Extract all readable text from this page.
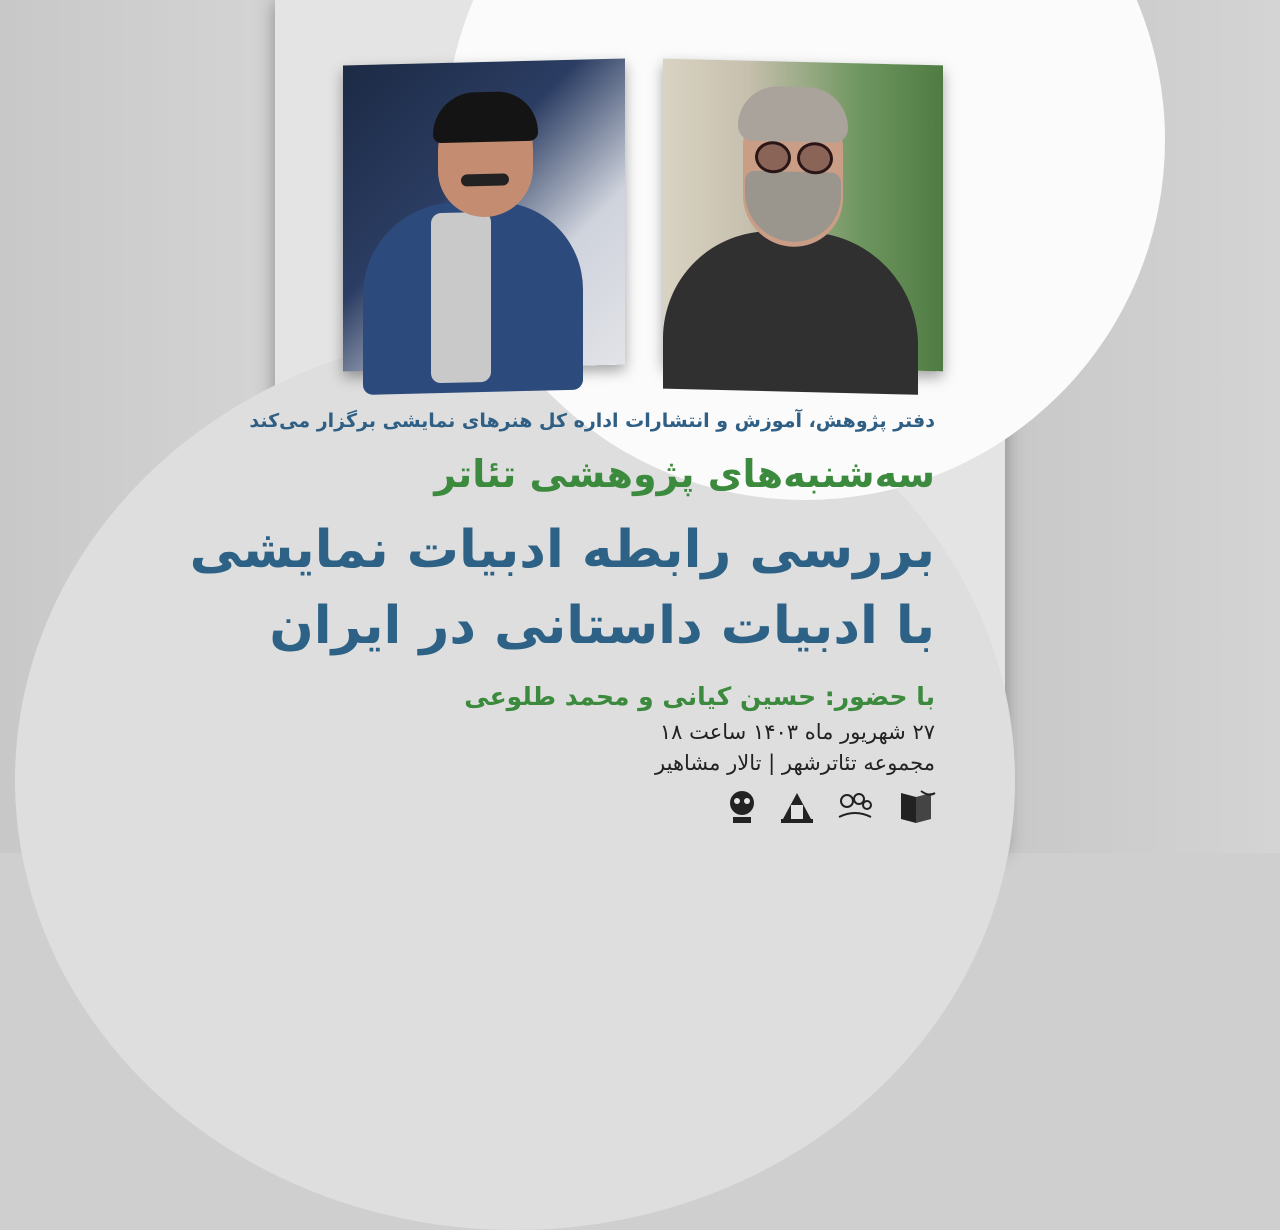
دفتر پژوهش، آموزش و انتشارات اداره کل هنرهای نمایشی برگزار می‌کند
سه‌شنبه‌های پژوهشی تئاتر
بررسی رابطه ادبیات نمایشی
با ادبیات داستانی در ایران
با حضور: حسین کیانی و محمد طلوعی
۲۷ شهریور ماه ۱۴۰۳ ساعت ۱۸
مجموعه تئاترشهر | تالار مشاهیر
